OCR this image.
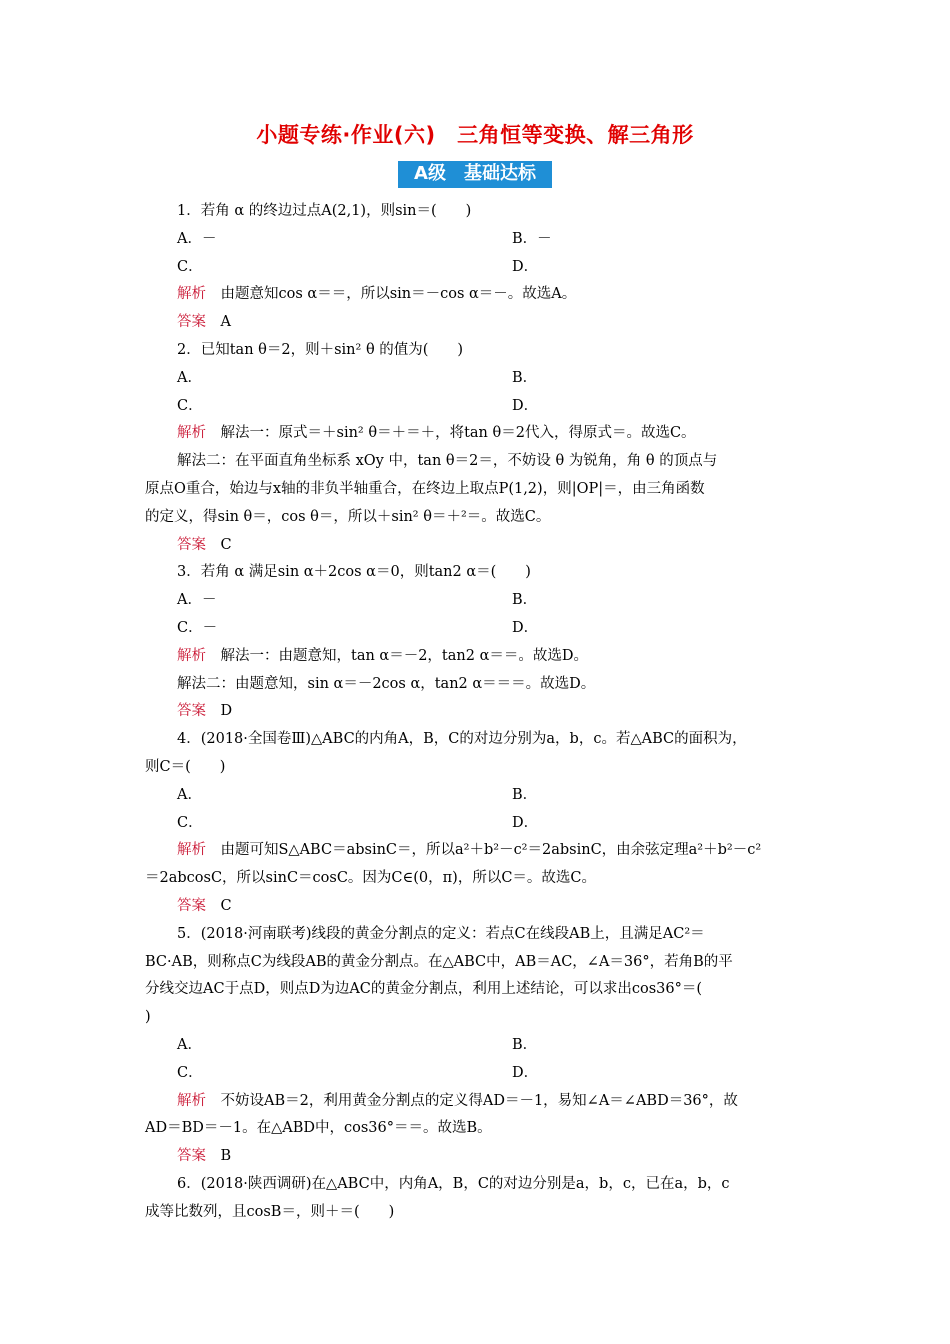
小题专练·作业(六)　三角恒等变换、解三角形
A级　基础达标
1．若角 α 的终边过点A(2,1)，则sin＝(　　)
A．－	B．－
C．	D．
解析　由题意知cos α＝＝，所以sin＝－cos α＝－。故选A。
答案　A
2．已知tan θ＝2，则＋sin² θ 的值为(　　)
A．	B．
C．	D．
解析　解法一：原式＝＋sin² θ＝＋＝＋，将tan θ＝2代入，得原式＝。故选C。
解法二：在平面直角坐标系 xOy 中，tan θ＝2＝，不妨设 θ 为锐角，角 θ 的顶点与
原点O重合，始边与x轴的非负半轴重合，在终边上取点P(1,2)，则|OP|＝，由三角函数
的定义，得sin θ＝，cos θ＝，所以＋sin² θ＝＋²＝。故选C。
答案　C
3．若角 α 满足sin α＋2cos α＝0，则tan2 α＝(　　)
A．－	B．
C．－	D．
解析　解法一：由题意知，tan α＝－2，tan2 α＝＝。故选D。
解法二：由题意知，sin α＝－2cos α，tan2 α＝＝＝。故选D。
答案　D
4．(2018·全国卷Ⅲ)△ABC的内角A，B，C的对边分别为a，b，c。若△ABC的面积为，
则C＝(　　)
A．	B．
C．	D．
解析　由题可知S△ABC＝absinC＝，所以a²＋b²－c²＝2absinC，由余弦定理a²＋b²－c²
＝2abcosC，所以sinC＝cosC。因为C∈(0，π)，所以C＝。故选C。
答案　C
5．(2018·河南联考)线段的黄金分割点的定义：若点C在线段AB上，且满足AC²＝
BC·AB，则称点C为线段AB的黄金分割点。在△ABC中，AB＝AC，∠A＝36°，若角B的平
分线交边AC于点D，则点D为边AC的黄金分割点，利用上述结论，可以求出cos36°＝(
)
A．	B．
C．	D．
解析　不妨设AB＝2，利用黄金分割点的定义得AD＝－1，易知∠A＝∠ABD＝36°，故
AD＝BD＝－1。在△ABD中，cos36°＝＝。故选B。
答案　B
6．(2018·陕西调研)在△ABC中，内角A，B，C的对边分别是a，b，c，已在a，b，c
成等比数列，且cosB＝，则＋＝(　　)
